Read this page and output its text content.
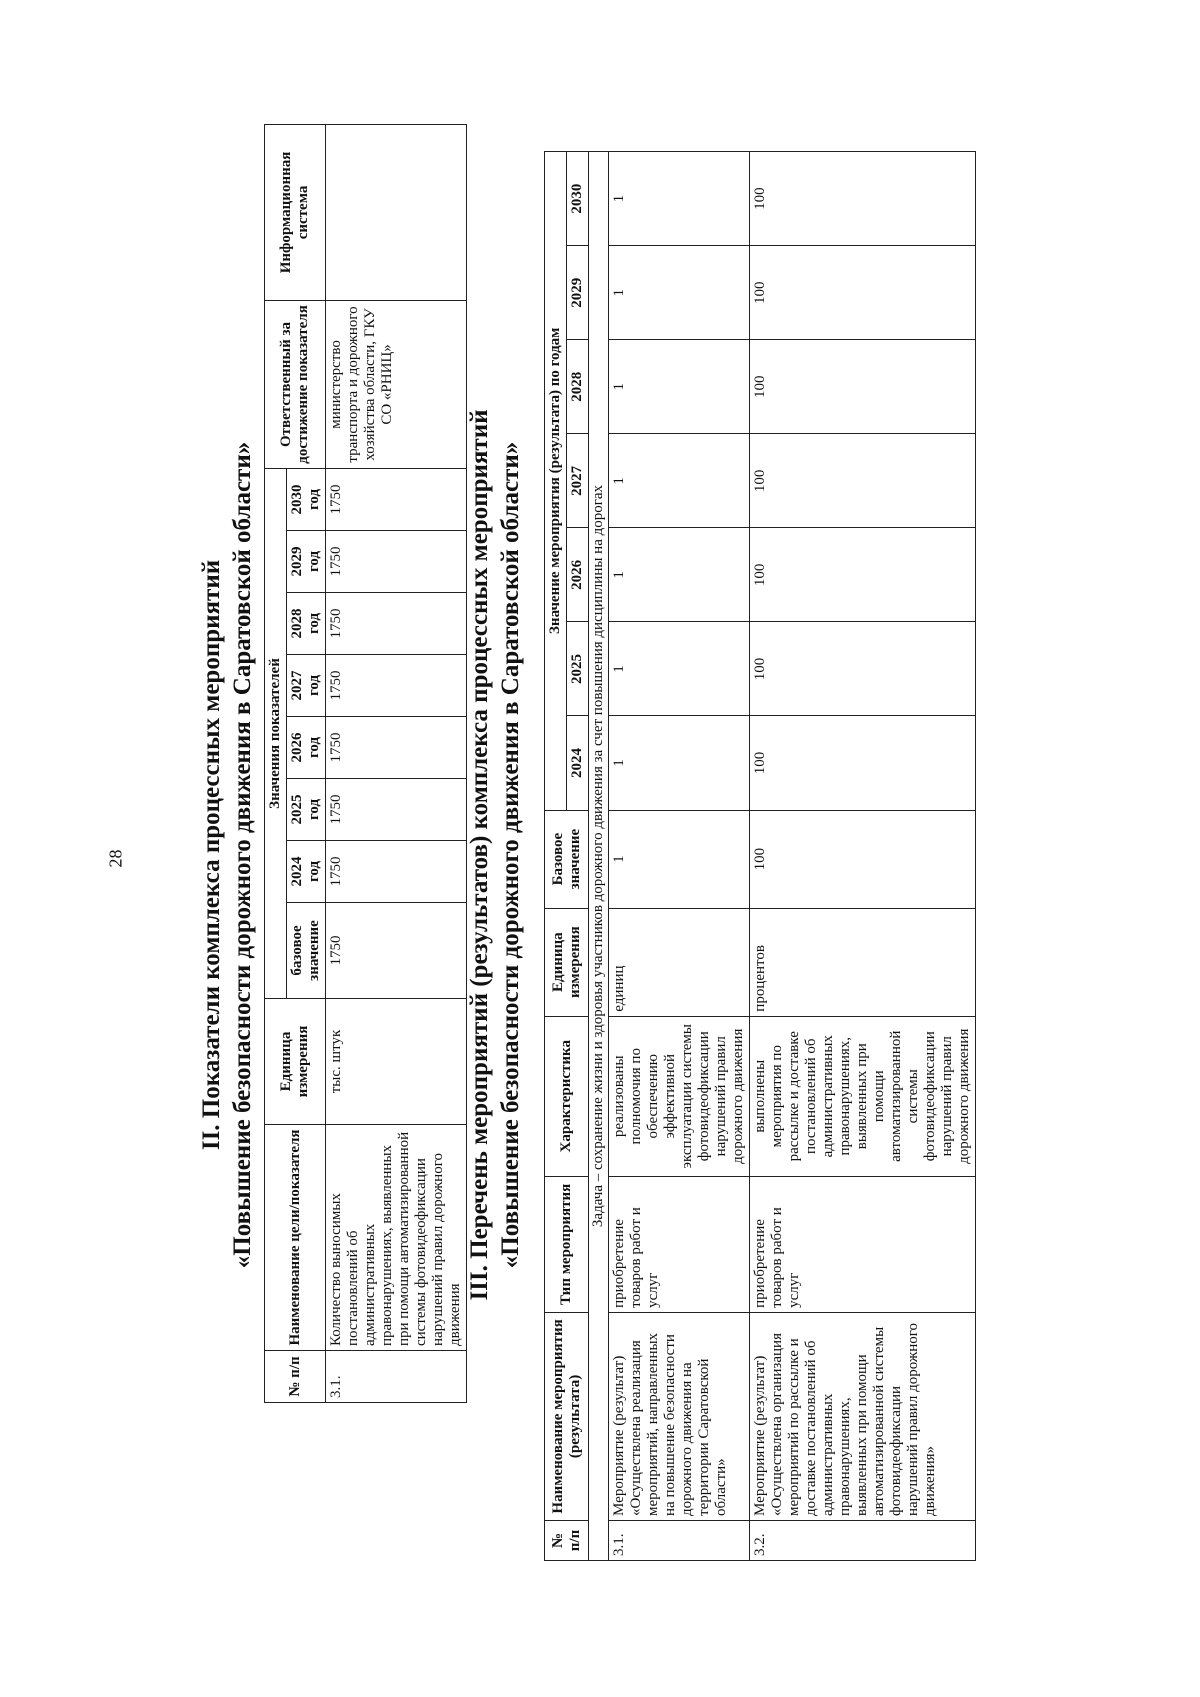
28	II. Показатели комплекса процессных мероприятий «Повышение безопасности дорожного движения в Саратовской области»

№ п/п	Наименование цели/показателя	Единица измерения	Значения показателей								Ответственный за достижение показателя	Информационная система
			базовое значение	2024 год	2025 год	2026 год	2027 год	2028 год	2029 год	2030 год		
3.1.	Количество выносимых постановлений об административных правонарушениях, выявленных при помощи автоматизированной системы фотовидеофиксации нарушений правил дорожного движения	тыс. штук	1750	1750	1750	1750	1750	1750	1750	1750	министерство транспорта и дорожного хозяйства области, ГКУ СО «РНИЦ»	

III. Перечень мероприятий (результатов) комплекса процессных мероприятий «Повышение безопасности дорожного движения в Саратовской области»

№ п/п	Наименование мероприятия (результата)	Тип мероприятия	Характеристика	Единица измерения	Базовое значение	Значение мероприятия (результата) по годам						
						2024	2025	2026	2027	2028	2029	2030
Задача – сохранение жизни и здоровья участников дорожного движения за счет повышения дисциплины на дорогах												
3.1.	Мероприятие (результат) «Осуществлена реализация мероприятий, направленных на повышение безопасности дорожного движения на территории Саратовской области»	приобретение товаров работ и услуг	реализованы полномочия по обеспечению эффективной эксплуатации системы фотовидеофиксации нарушений правил дорожного движения	единиц	1	1	1	1	1	1	1	1
3.2.	Мероприятие (результат) «Осуществлена организация мероприятий по рассылке и доставке постановлений об административных правонарушениях, выявленных при помощи автоматизированной системы фотовидеофиксации нарушений правил дорожного движения»	приобретение товаров работ и услуг	выполнены мероприятия по рассылке и доставке постановлений об административных правонарушениях, выявленных при помощи автоматизированной системы фотовидеофиксации нарушений правил дорожного движения	процентов	100	100	100	100	100	100	100	100
